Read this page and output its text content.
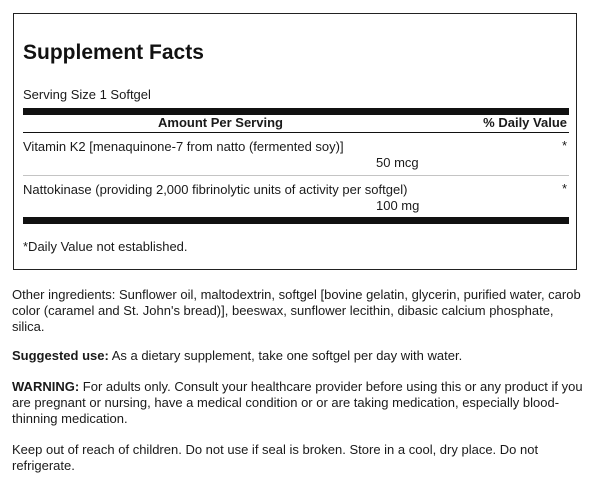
Supplement Facts
Serving Size 1 Softgel
Amount Per Serving	% Daily Value
Vitamin K2 [menaquinone-7 from natto (fermented soy)]
50 mcg
*
Nattokinase (providing 2,000 fibrinolytic units of activity per softgel)
100 mg
*
*Daily Value not established.

Other ingredients: Sunflower oil, maltodextrin, softgel [bovine gelatin, glycerin, purified water, carob color (caramel and St. John's bread)], beeswax, sunflower lecithin, dibasic calcium phosphate, silica.

Suggested use: As a dietary supplement, take one softgel per day with water.

WARNING: For adults only. Consult your healthcare provider before using this or any product if you are pregnant or nursing, have a medical condition or or are taking medication, especially blood-thinning medication.

Keep out of reach of children. Do not use if seal is broken. Store in a cool, dry place. Do not refrigerate.
